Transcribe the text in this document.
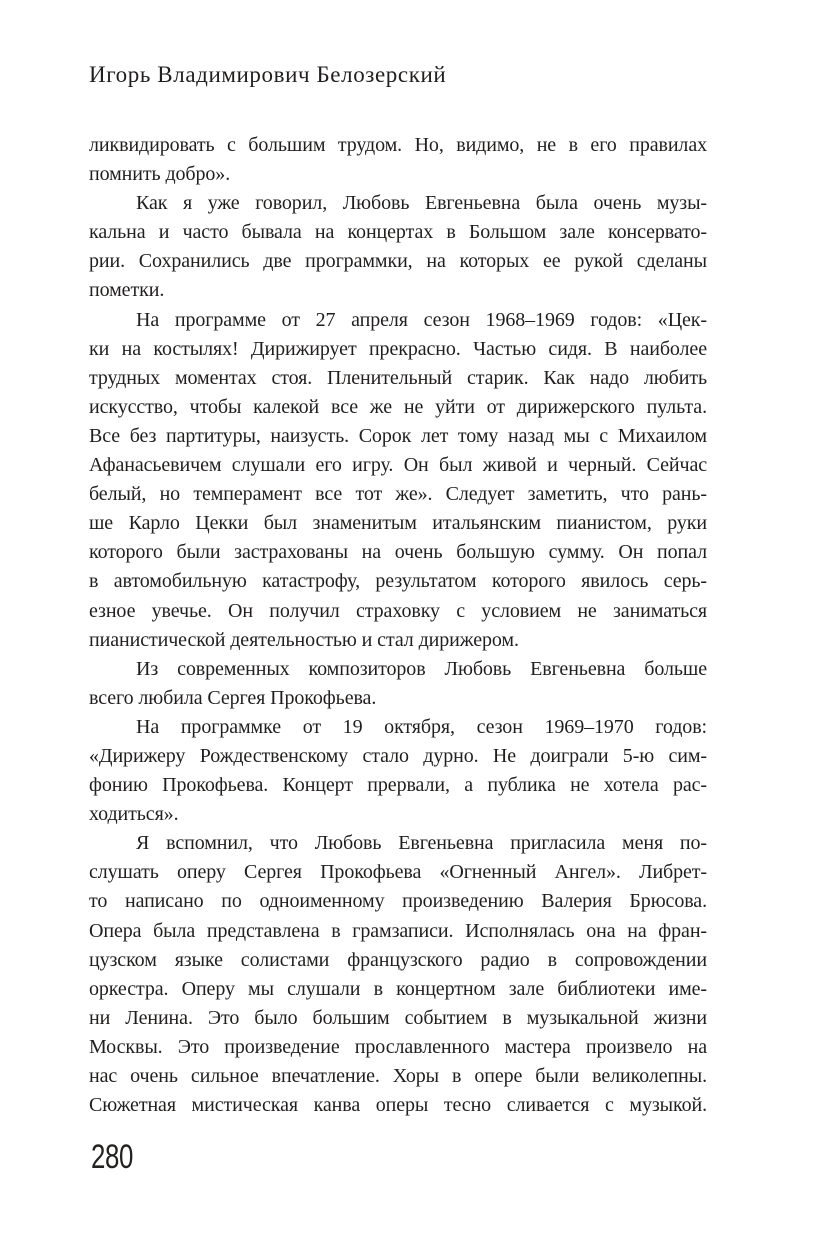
Игорь Владимирович Белозерский
ликвидировать с большим трудом. Но, видимо, не в его правилах
помнить добро».
Как я уже говорил, Любовь Евгеньевна была очень музы-
кальна и часто бывала на концертах в Большом зале консервато-
рии. Сохранились две программки, на которых ее рукой сделаны
пометки.
На программе от 27 апреля сезон 1968–1969 годов: «Цек-
ки на костылях! Дирижирует прекрасно. Частью сидя. В наиболее
трудных моментах стоя. Пленительный старик. Как надо любить
искусство, чтобы калекой все же не уйти от дирижерского пульта.
Все без партитуры, наизусть. Сорок лет тому назад мы с Михаилом
Афанасьевичем слушали его игру. Он был живой и черный. Сейчас
белый, но темперамент все тот же». Следует заметить, что рань-
ше Карло Цекки был знаменитым итальянским пианистом, руки
которого были застрахованы на очень большую сумму. Он попал
в автомобильную катастрофу, результатом которого явилось серь-
езное увечье. Он получил страховку с условием не заниматься
пианистической деятельностью и стал дирижером.
Из современных композиторов Любовь Евгеньевна больше
всего любила Сергея Прокофьева.
На программке от 19 октября, сезон 1969–1970 годов:
«Дирижеру Рождественскому стало дурно. Не доиграли 5-ю сим-
фонию Прокофьева. Концерт прервали, а публика не хотела рас-
ходиться».
Я вспомнил, что Любовь Евгеньевна пригласила меня по-
слушать оперу Сергея Прокофьева «Огненный Ангел». Либрет-
то написано по одноименному произведению Валерия Брюсова.
Опера была представлена в грамзаписи. Исполнялась она на фран-
цузском языке солистами французского радио в сопровождении
оркестра. Оперу мы слушали в концертном зале библиотеки име-
ни Ленина. Это было большим событием в музыкальной жизни
Москвы. Это произведение прославленного мастера произвело на
нас очень сильное впечатление. Хоры в опере были великолепны.
Сюжетная мистическая канва оперы тесно сливается с музыкой.
280
